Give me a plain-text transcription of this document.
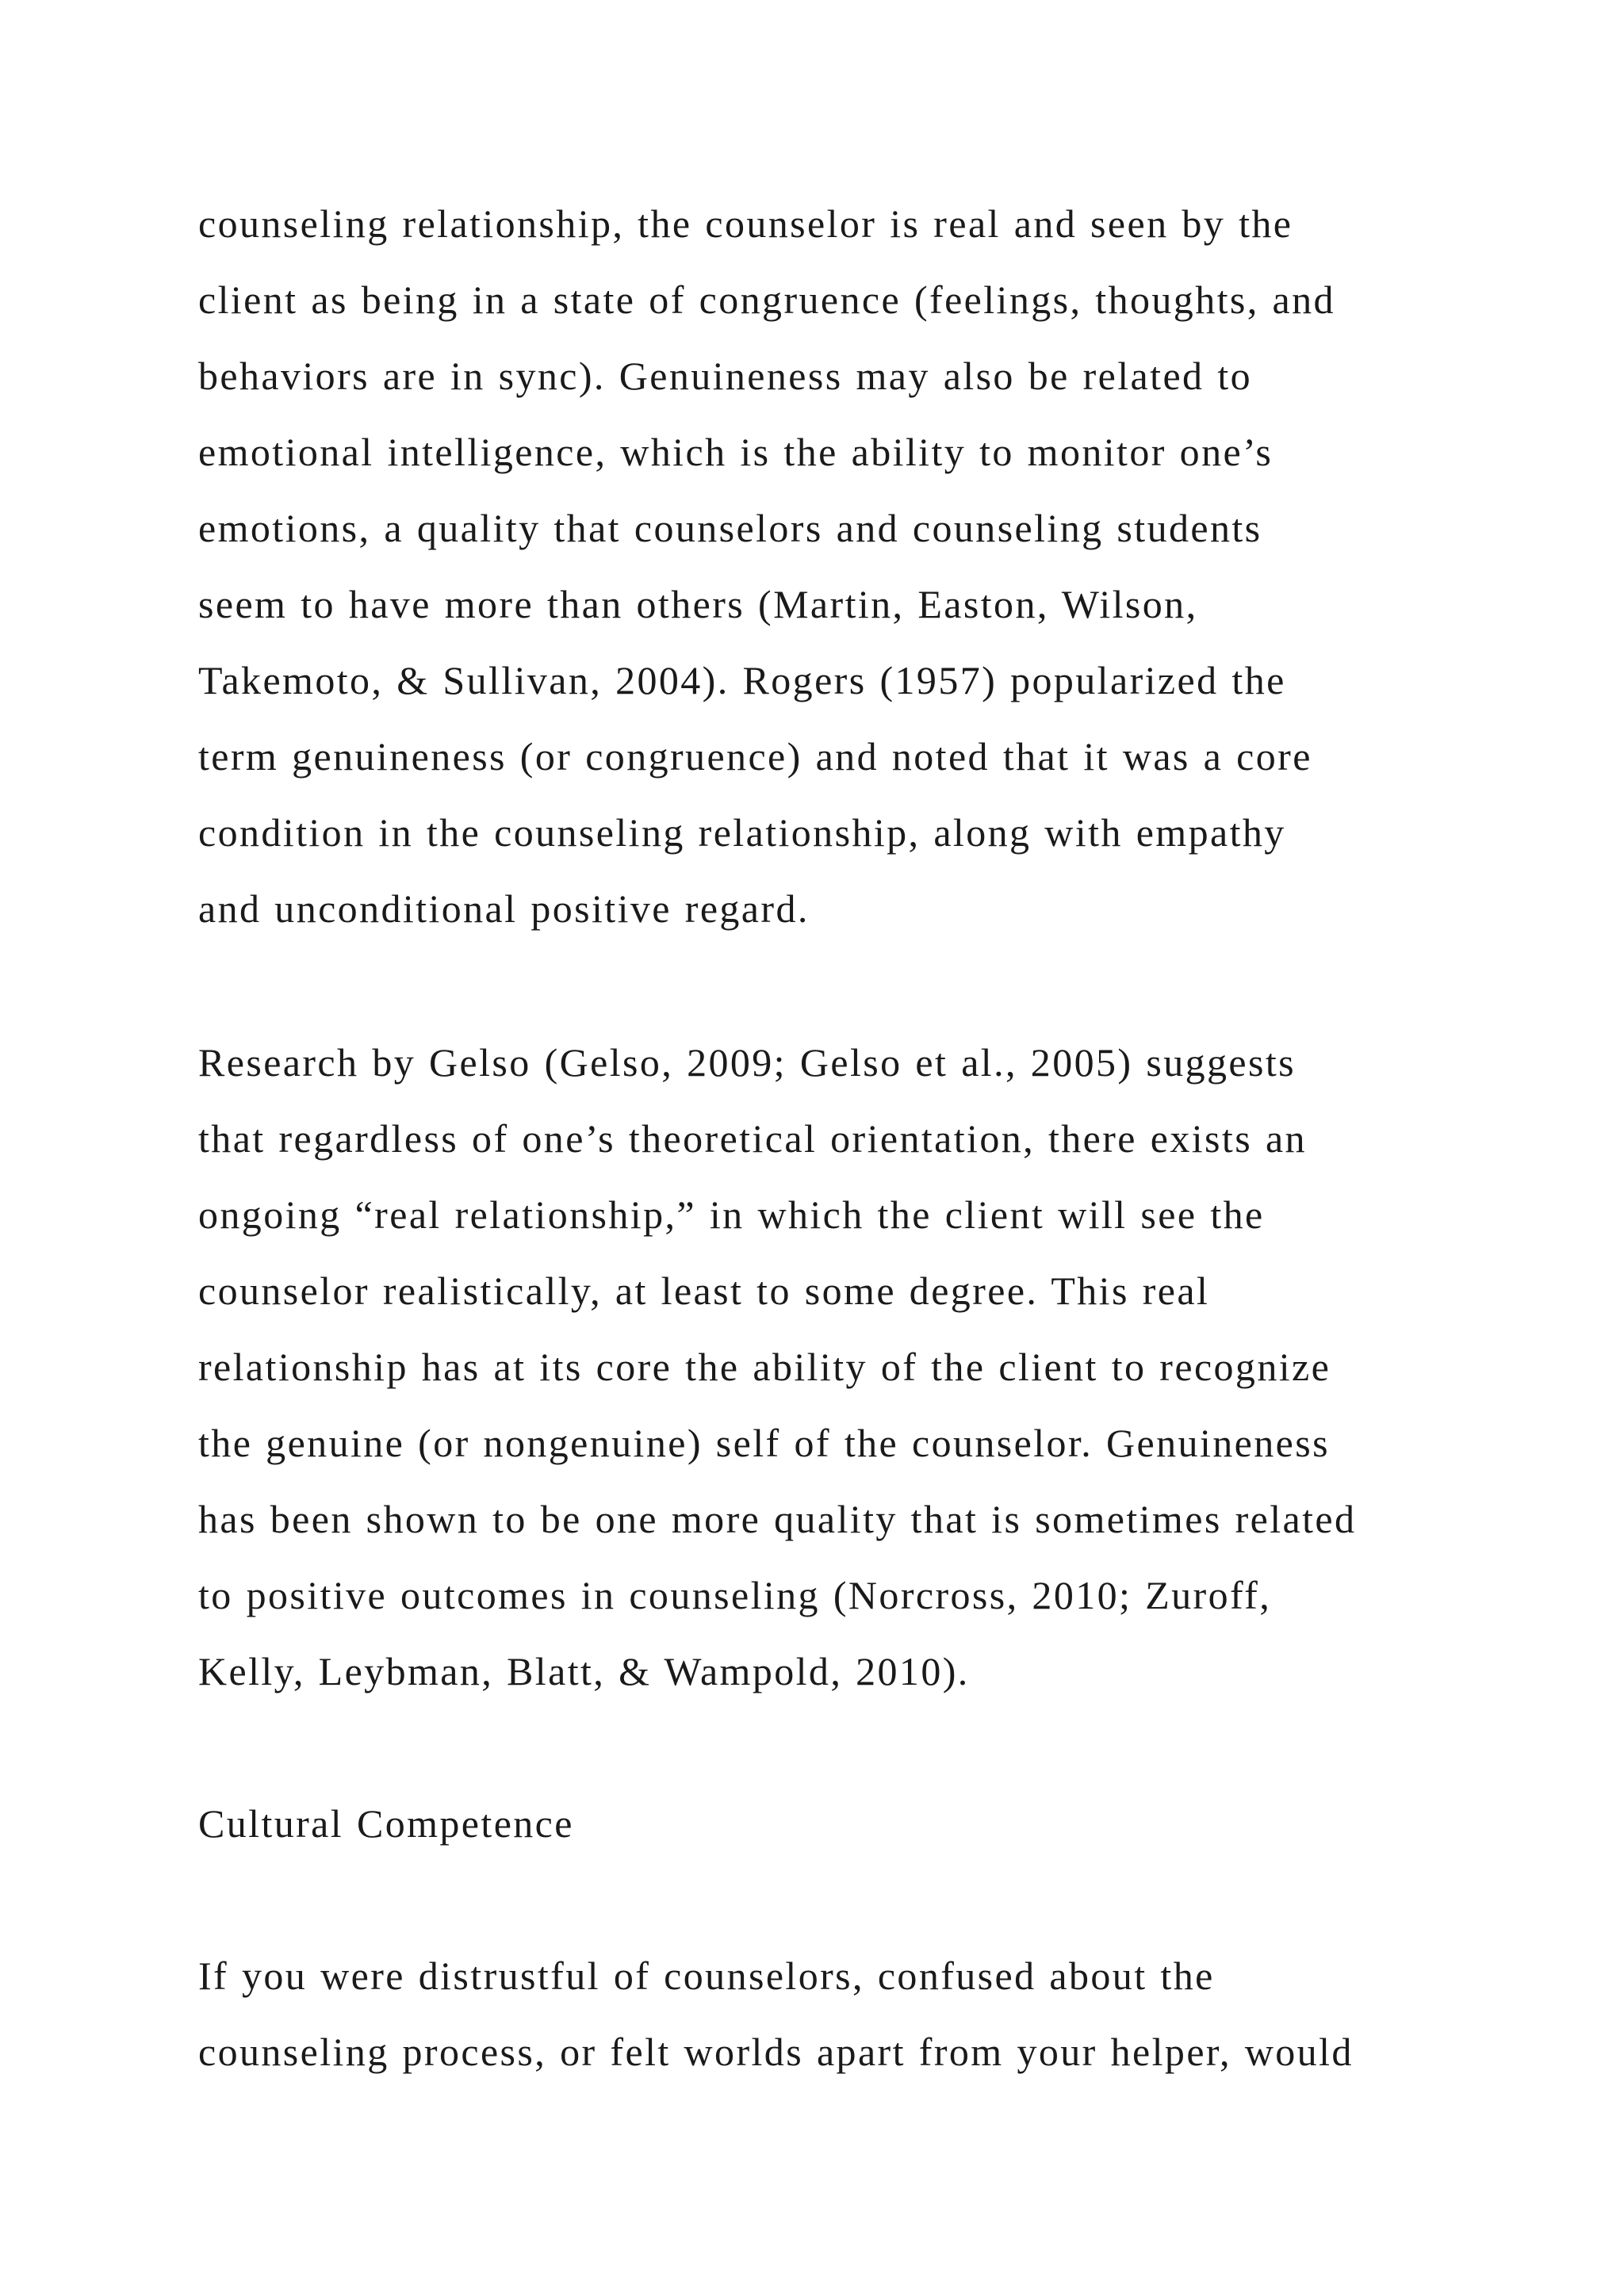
counseling relationship, the counselor is real and seen by the

client as being in a state of congruence (feelings, thoughts, and

behaviors are in sync). Genuineness may also be related to

emotional intelligence, which is the ability to monitor one’s

emotions, a quality that counselors and counseling students

seem to have more than others (Martin, Easton, Wilson,

Takemoto, & Sullivan, 2004). Rogers (1957) popularized the

term genuineness (or congruence) and noted that it was a core

condition in the counseling relationship, along with empathy

and unconditional positive regard.

Research by Gelso (Gelso, 2009; Gelso et al., 2005) suggests

that regardless of one’s theoretical orientation, there exists an

ongoing “real relationship,” in which the client will see the

counselor realistically, at least to some degree. This real

relationship has at its core the ability of the client to recognize

the genuine (or nongenuine) self of the counselor. Genuineness

has been shown to be one more quality that is sometimes related

to positive outcomes in counseling (Norcross, 2010; Zuroff,

Kelly, Leybman, Blatt, & Wampold, 2010).

Cultural Competence

If you were distrustful of counselors, confused about the

counseling process, or felt worlds apart from your helper, would
